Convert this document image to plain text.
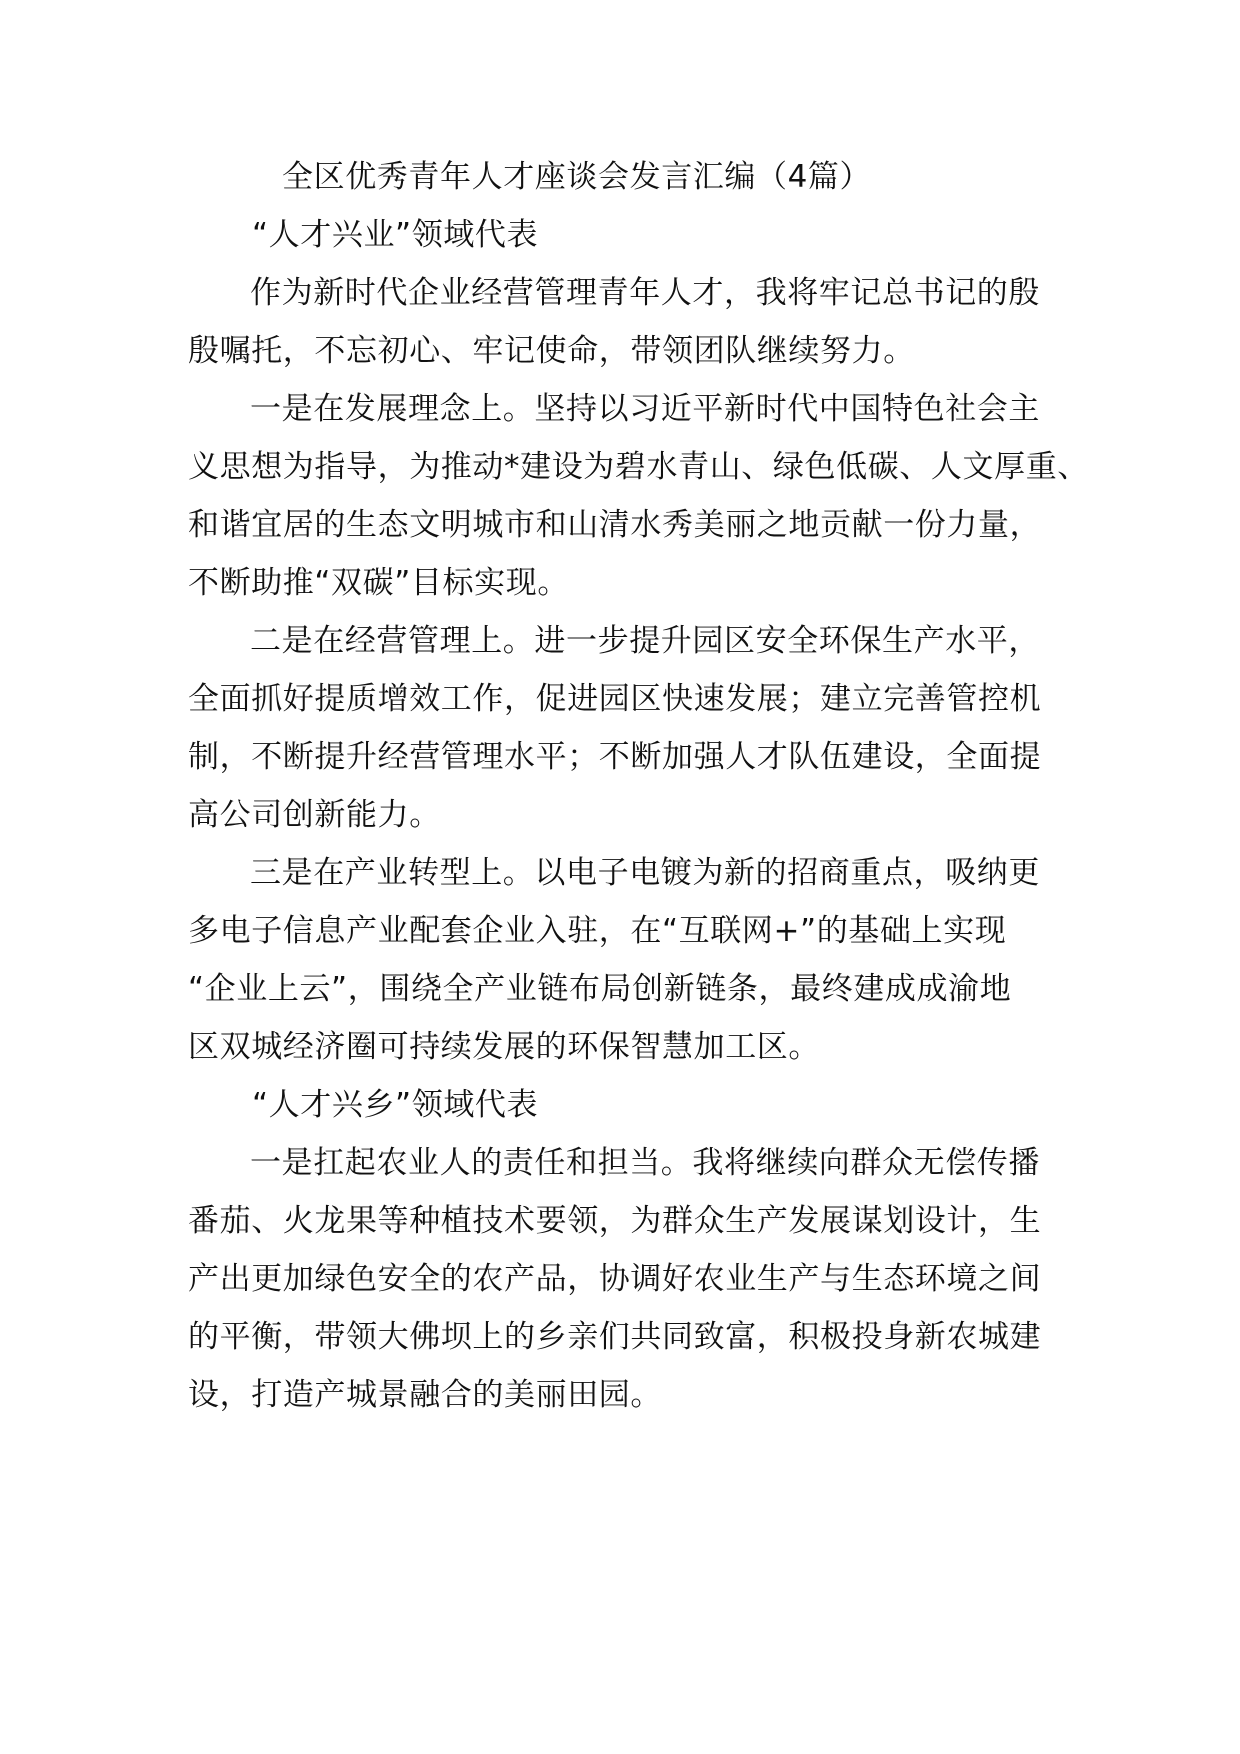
全区优秀青年人才座谈会发言汇编（4篇）
“人才兴业”领域代表
作为新时代企业经营管理青年人才，我将牢记总书记的殷
殷嘱托，不忘初心、牢记使命，带领团队继续努力。
一是在发展理念上。坚持以习近平新时代中国特色社会主
义思想为指导，为推动*建设为碧水青山、绿色低碳、人文厚重、
和谐宜居的生态文明城市和山清水秀美丽之地贡献一份力量，
不断助推“双碳”目标实现。
二是在经营管理上。进一步提升园区安全环保生产水平，
全面抓好提质增效工作，促进园区快速发展；建立完善管控机
制，不断提升经营管理水平；不断加强人才队伍建设，全面提
高公司创新能力。
三是在产业转型上。以电子电镀为新的招商重点，吸纳更
多电子信息产业配套企业入驻，在“互联网+”的基础上实现
“企业上云”，围绕全产业链布局创新链条，最终建成成渝地
区双城经济圈可持续发展的环保智慧加工区。
“人才兴乡”领域代表
一是扛起农业人的责任和担当。我将继续向群众无偿传播
番茄、火龙果等种植技术要领，为群众生产发展谋划设计，生
产出更加绿色安全的农产品，协调好农业生产与生态环境之间
的平衡，带领大佛坝上的乡亲们共同致富，积极投身新农城建
设，打造产城景融合的美丽田园。
